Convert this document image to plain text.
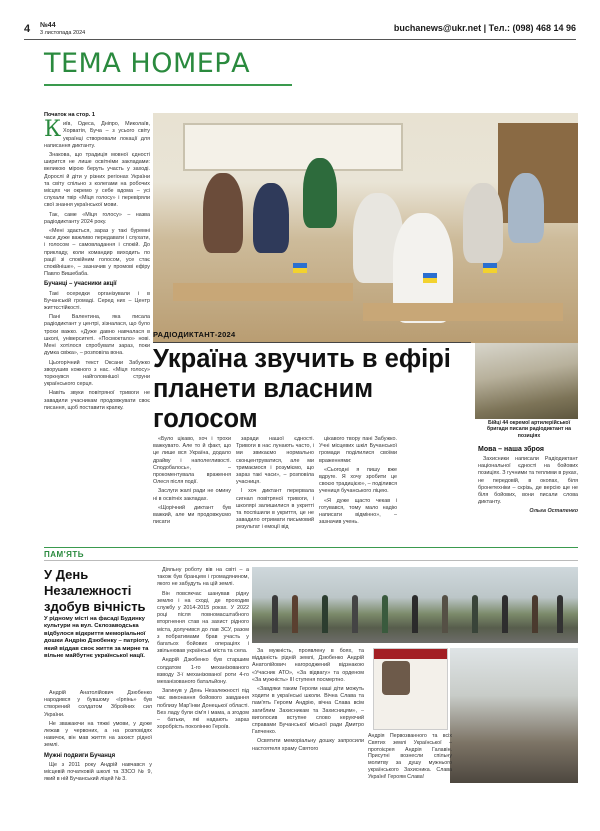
4 №44
3 листопада 2024	buchanews@ukr.net | Тел.: (098) 468 14 96
ТЕМА НОМЕРА

Початок на стор. 1

Київ, Одеса, Дніпро, Миколаїв, Хорватія, Буча – з усього світу українці створювали локації для написання диктанту.

Знакова, що традиція мовної єдності ширится не лише освітніми закладами: великою мірою беруть участь у заході. Дорослі й діти у різних регіонах України та світу спільно з колегами на робочих місцях чи окремо у себе вдома – усі слухали твір «Міця голосу» і перевіряли свої знання української мови.

Так, саме «Міця голосу» – назва радіодиктанту 2024 року.

«Мені здається, зараз у такі буремні часи дуже важливо передавати і слухати, і голосом – самовладання і спокій. До прикладу, коли командир виходить по рації зі спокійним голосом, усе стає спокійніше», – зазначив у промові ефіру Павло Вишебаба.

Бучанці – учасники акції

Такі осередки організували і в Бучанській громаді. Серед них – Центр життєстійкості.

Пані Валентина, яка писала радіодиктант у центрі, зізналася, що було трохи важко. «Дуже давно навчалася в школі, університеті. «Посмоктало» нові. Мені хотілося спробувати зараз, поки думка свіжа», – розповіла вона.

Цьогорічний текст Оксани Забужко зворушив кожного з нас. «Міця голосу» торкнувся найголовнішої струни українського серця.

Навіть звуки повітряної тривоги не завадили учасникам продовжувати своє писання, щоб поставити крапку.

РАДІОДИКТАНТ-2024
Україна звучить в ефірі планети власним голосом

«Було цікаво, хоч і трохи важкувато. Але то й факт, що це лише вся Україна, додало драйву і наполегливості. Сподобалось», – прокоментувала враження Олеся після події.

Заслуги жалі ради не омину ні в освітніх закладах.

«Щорічний диктант був важкий, але ми продовжуємо писати

заради нашої єдності. Тривоги в нас лунають часто, і ми звикаємо нормально сконцентруватися, але ми тримаємося і розуміємо, що зараз такі часи», – розповіла учасниця.

І хоч диктант перервала сигнал повітряної тривоги, і школярі залишилися в укритті та поспішили в укриття, це не завадило отримати письмовий результат і емоції від

цікавого твору пані Забужко. Учні місцевих шкіл Бучанської громади поділилися своїми враженнями:

«Сьогодні я пишу вже вдруге. Я хочу зробити це своєю традицією», – поділився учениця бучанського ліцею.

«Я дуже щасто чекав і готувався, тому мало надію написати відмінно», – зазначив учень.

Бійці 44 окремої артилерійської бригади писали радіодиктант на позиціях
Мова – наша зброя

Захисники написали Радіодиктант національної єдності на бойових позиціях. З гучними та теплими в руках, не передовій, в окопах, біля бронетехніки – скрізь, де версію ще не біля бойових, вони писали слова диктанту.

Ольга Остапенко

ПАМ'ЯТЬ
У День Незалежності здобув вічність
У рідному місті на фасаді Будинку культури на вул. Склозаводська відбулося відкриття меморіальної дошки Андрію Дзюбенку – патріоту, який віддав своє життя за мирне та вільне майбутнє української нації.

Андрій Анатолійович Дзюбенко народився у бувшому «Ірпінь» був створений солдатом Збройних сил України.

Не зважаючи на тяжкі умови, у дуже лежав у червоних, а на розповідях навичок, він мав життя на захист рідної землі.

Мужні подвиги Бучанця

Ще з 2011 року Андрій навчався у місцевій початковій школі та ЗЗСО № 9, який в ній Бучанський ліцей № 3.

Діяльну роботу вів на світі – а також був бранцем і громадянином, якого не забудуть на цій землі.

Він повсякчас шанував рідну землю і на сході, де проходив службу у 2014-2015 роках. У 2022 році після повномасштабного вторгнення став на захист рідного міста, долучився до лав ЗСУ, разом з побратимами брав участь у багатьох бойових операціях і звільнював українські міста та села.

Андрій Дзюбенко був старшим солдатом 1-го механізованого взводу 3-ї механізованої роти 4-го механізованого батальйону.

Загинув у День Незалежності під час виконання бойового завдання поблизу Мар'їнки Донецької області. Без ладу були сім'я і мама, а згодом – батьки, які надають зараз хоробрість поколінню Героїв.

За мужність, проявлену в боях, та відданість рідній землі, Дзюбенко Андрій Анатолійович нагороджений відзнакою «Учасник АТО», «За відвагу» та орденом «За мужність» III ступеня посмертно.

«Завдяки таким Героям наші діти можуть ходити в українські школи. Вічна Слава та пам'ять Героям Андрію, вічна Слава всім загиблим Захисникам та Захисницям», – виголосив вступне слово керуючий справами Бучанської міської ради Дмитро Гапченко.

Освятити меморіальну дошку запросили настоятеля храму Святого

Андрія Первозванного та всіх Святих землі Української – протоієрея Андрія Галавін. Присутні вознесли спільну молитву за душу мужнього українського Захисника. Слава Україні! Героям Слава!
